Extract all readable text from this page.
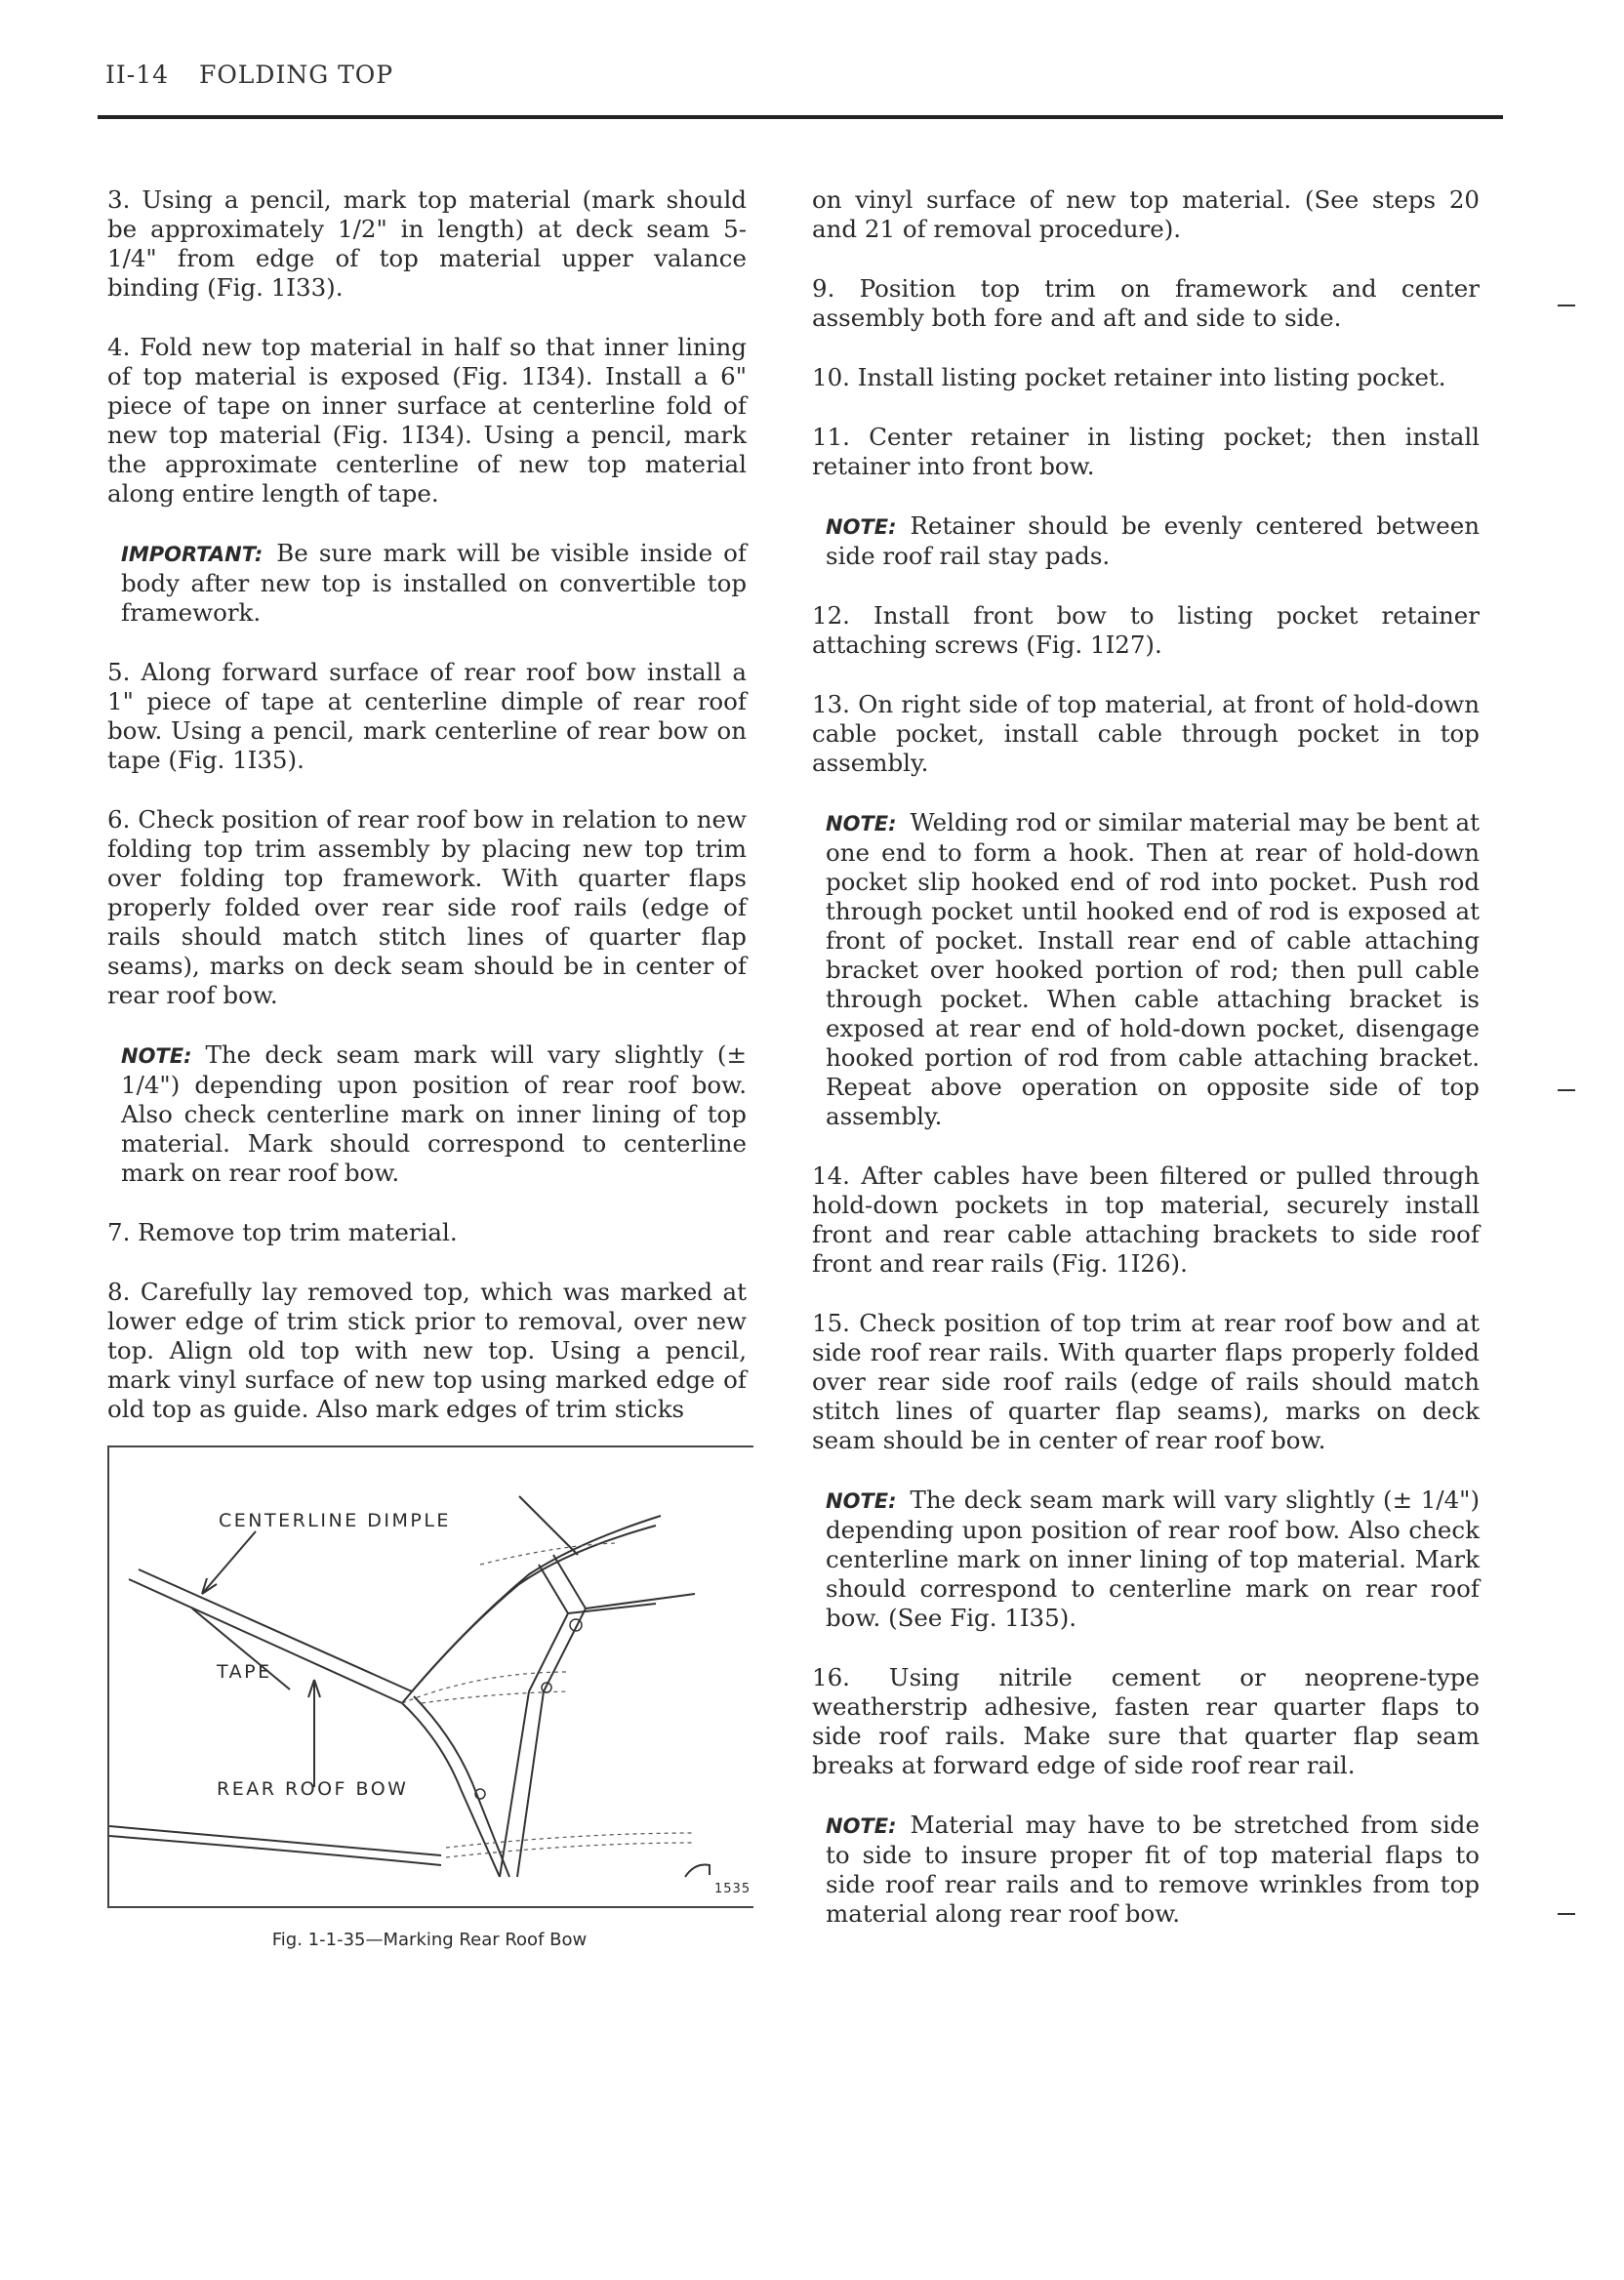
II-14 FOLDING TOP

3. Using a pencil, mark top material (mark should be approximately 1/2" in length) at deck seam 5-1/4" from edge of top material upper valance binding (Fig. 1I33).

4. Fold new top material in half so that inner lining of top material is exposed (Fig. 1I34). Install a 6" piece of tape on inner surface at centerline fold of new top material (Fig. 1I34). Using a pencil, mark the approximate centerline of new top material along entire length of tape.

IMPORTANT: Be sure mark will be visible inside of body after new top is installed on convertible top framework.

5. Along forward surface of rear roof bow install a 1" piece of tape at centerline dimple of rear roof bow. Using a pencil, mark centerline of rear bow on tape (Fig. 1I35).

6. Check position of rear roof bow in relation to new folding top trim assembly by placing new top trim over folding top framework. With quarter flaps properly folded over rear side roof rails (edge of rails should match stitch lines of quarter flap seams), marks on deck seam should be in center of rear roof bow.

NOTE: The deck seam mark will vary slightly (± 1/4") depending upon position of rear roof bow. Also check centerline mark on inner lining of top material. Mark should correspond to centerline mark on rear roof bow.

7. Remove top trim material.

8. Carefully lay removed top, which was marked at lower edge of trim stick prior to removal, over new top. Align old top with new top. Using a pencil, mark vinyl surface of new top using marked edge of old top as guide. Also mark edges of trim sticks

CENTERLINE DIMPLE
TAPE
REAR ROOF BOW
1535
Fig. 1-1-35—Marking Rear Roof Bow

on vinyl surface of new top material. (See steps 20 and 21 of removal procedure).

9. Position top trim on framework and center assembly both fore and aft and side to side.

10. Install listing pocket retainer into listing pocket.

11. Center retainer in listing pocket; then install retainer into front bow.

NOTE: Retainer should be evenly centered between side roof rail stay pads.

12. Install front bow to listing pocket retainer attaching screws (Fig. 1I27).

13. On right side of top material, at front of hold-down cable pocket, install cable through pocket in top assembly.

NOTE: Welding rod or similar material may be bent at one end to form a hook. Then at rear of hold-down pocket slip hooked end of rod into pocket. Push rod through pocket until hooked end of rod is exposed at front of pocket. Install rear end of cable attaching bracket over hooked portion of rod; then pull cable through pocket. When cable attaching bracket is exposed at rear end of hold-down pocket, disengage hooked portion of rod from cable attaching bracket. Repeat above operation on opposite side of top assembly.

14. After cables have been filtered or pulled through hold-down pockets in top material, securely install front and rear cable attaching brackets to side roof front and rear rails (Fig. 1I26).

15. Check position of top trim at rear roof bow and at side roof rear rails. With quarter flaps properly folded over rear side roof rails (edge of rails should match stitch lines of quarter flap seams), marks on deck seam should be in center of rear roof bow.

NOTE: The deck seam mark will vary slightly (± 1/4") depending upon position of rear roof bow. Also check centerline mark on inner lining of top material. Mark should correspond to centerline mark on rear roof bow. (See Fig. 1I35).

16. Using nitrile cement or neoprene-type weatherstrip adhesive, fasten rear quarter flaps to side roof rails. Make sure that quarter flap seam breaks at forward edge of side roof rear rail.

NOTE: Material may have to be stretched from side to side to insure proper fit of top material flaps to side roof rear rails and to remove wrinkles from top material along rear roof bow.
